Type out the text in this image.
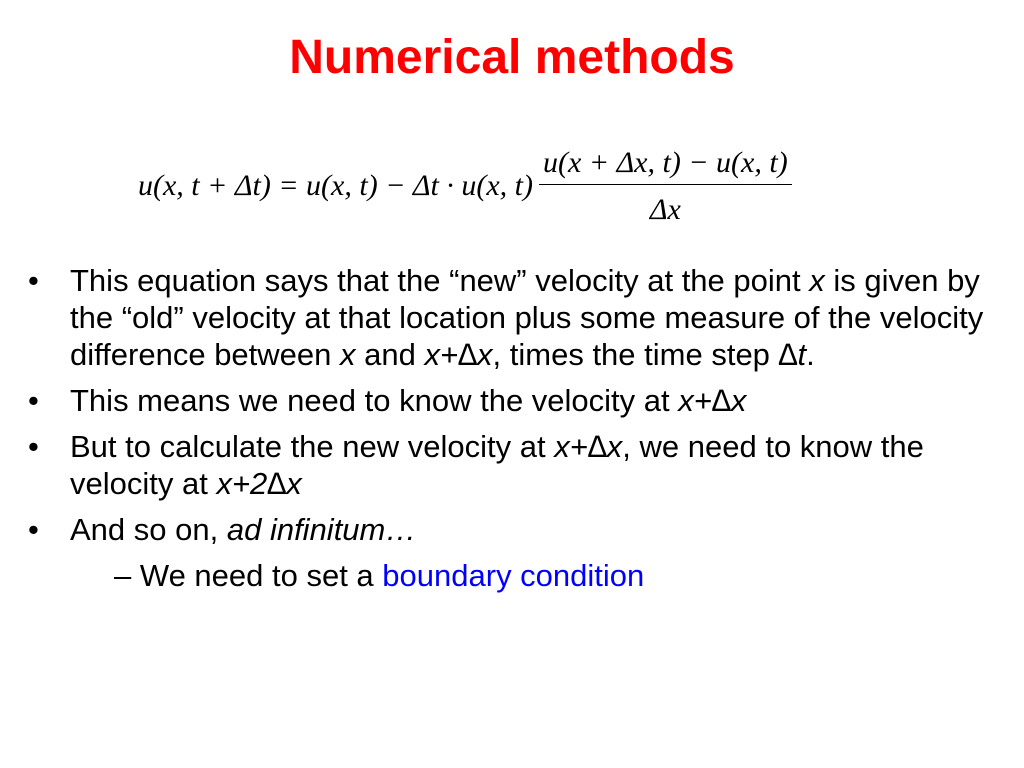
Numerical methods
u(x, t + Δt) = u(x, t) − Δt · u(x, $t) \frac{u(x + \Delta x, t) - u(x, t)}{\Delta x}$
•	This equation says that the “new” velocity at the point x is given by the “old” velocity at that location plus some measure of the velocity difference between x and x+∆x, times the time step ∆t.
•	This means we need to know the velocity at x+∆x
•	But to calculate the new velocity at x+∆x, we need to know the velocity at x+2∆x
•	And so on, ad infinitum…
– We need to set a boundary condition
